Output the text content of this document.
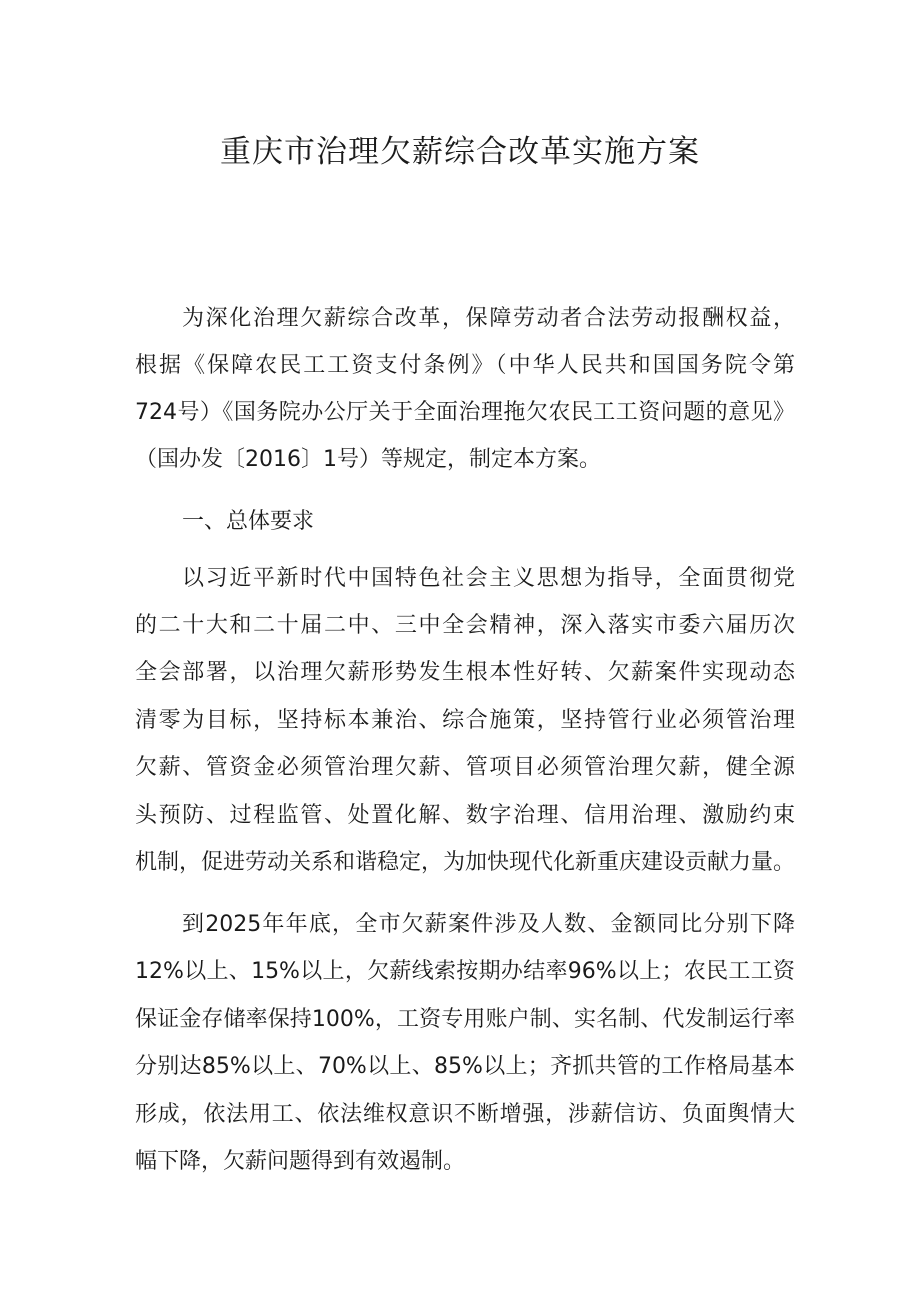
重庆市治理欠薪综合改革实施方案
为深化治理欠薪综合改革，保障劳动者合法劳动报酬权益，
根据《保障农民工工资支付条例》（中华人民共和国国务院令第
724号）《国务院办公厅关于全面治理拖欠农民工工资问题的意见》
（国办发〔2016〕1号）等规定，制定本方案。
一、总体要求
以习近平新时代中国特色社会主义思想为指导，全面贯彻党
的二十大和二十届二中、三中全会精神，深入落实市委六届历次
全会部署，以治理欠薪形势发生根本性好转、欠薪案件实现动态
清零为目标，坚持标本兼治、综合施策，坚持管行业必须管治理
欠薪、管资金必须管治理欠薪、管项目必须管治理欠薪，健全源
头预防、过程监管、处置化解、数字治理、信用治理、激励约束
机制，促进劳动关系和谐稳定，为加快现代化新重庆建设贡献力量。
到2025年年底，全市欠薪案件涉及人数、金额同比分别下降
12%以上、15%以上，欠薪线索按期办结率96%以上；农民工工资
保证金存储率保持100%，工资专用账户制、实名制、代发制运行率
分别达85%以上、70%以上、85%以上；齐抓共管的工作格局基本
形成，依法用工、依法维权意识不断增强，涉薪信访、负面舆情大
幅下降，欠薪问题得到有效遏制。
